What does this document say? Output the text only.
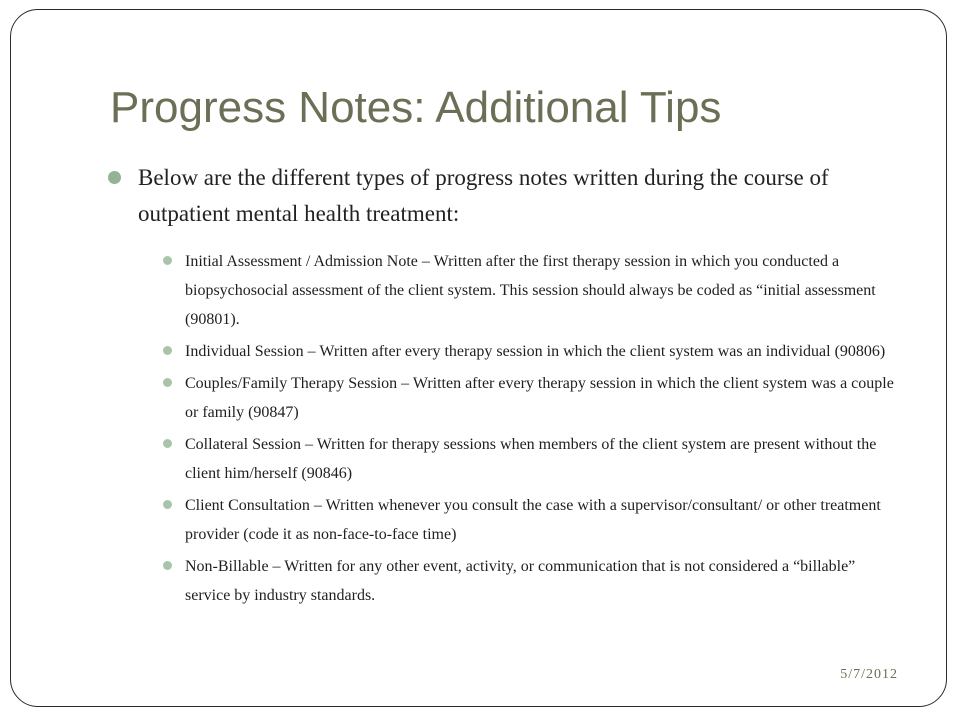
Progress Notes: Additional Tips
Below are the different types of progress notes written during the course of outpatient mental health treatment:
Initial Assessment / Admission Note – Written after the first therapy session in which you conducted a biopsychosocial assessment of the client system. This session should always be coded as “initial assessment (90801).
Individual Session – Written after every therapy session in which the client system was an individual (90806)
Couples/Family Therapy Session – Written after every therapy session in which the client system was a couple or family (90847)
Collateral Session – Written for therapy sessions when members of the client system are present without the client him/herself (90846)
Client Consultation – Written whenever you consult the case with a supervisor/consultant/ or other treatment provider (code it as non-face-to-face time)
Non-Billable – Written for any other event, activity, or communication that is not considered a “billable” service by industry standards.
5/7/2012
